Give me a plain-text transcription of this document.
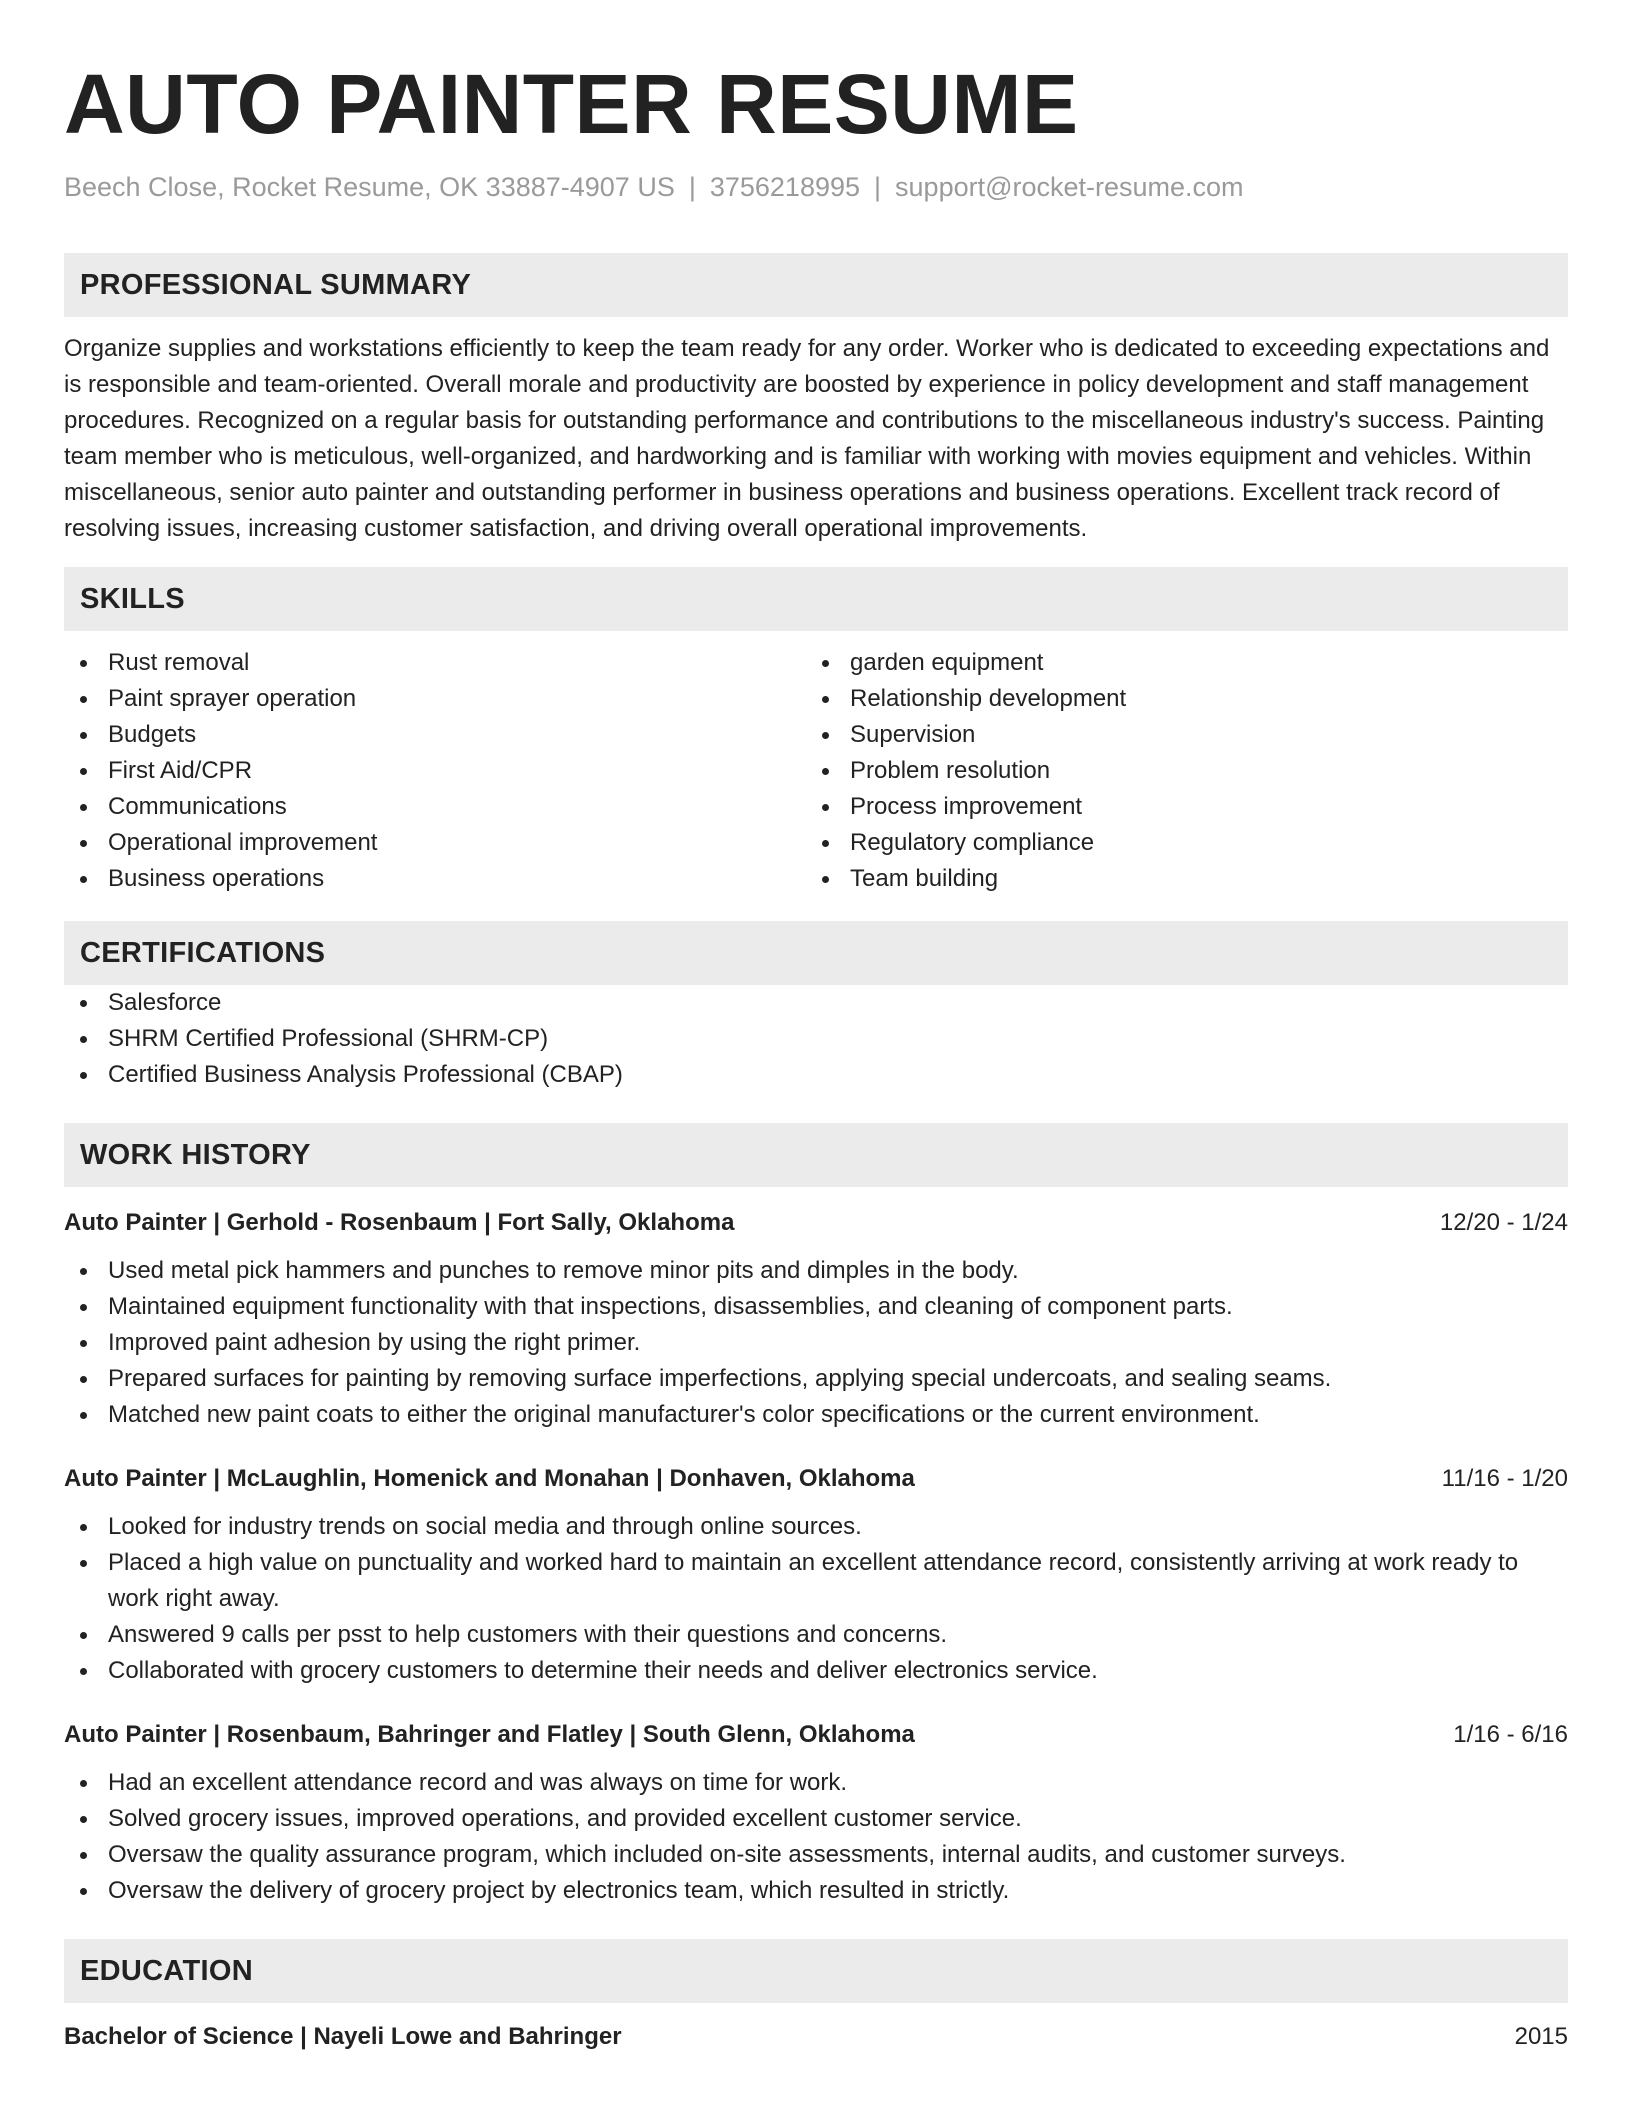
AUTO PAINTER RESUME
Beech Close, Rocket Resume, OK 33887-4907 US | 3756218995 | support@rocket-resume.com
PROFESSIONAL SUMMARY
Organize supplies and workstations efficiently to keep the team ready for any order. Worker who is dedicated to exceeding expectations and is responsible and team-oriented. Overall morale and productivity are boosted by experience in policy development and staff management procedures. Recognized on a regular basis for outstanding performance and contributions to the miscellaneous industry's success. Painting team member who is meticulous, well-organized, and hardworking and is familiar with working with movies equipment and vehicles. Within miscellaneous, senior auto painter and outstanding performer in business operations and business operations. Excellent track record of resolving issues, increasing customer satisfaction, and driving overall operational improvements.
SKILLS
Rust removal
Paint sprayer operation
Budgets
First Aid/CPR
Communications
Operational improvement
Business operations
garden equipment
Relationship development
Supervision
Problem resolution
Process improvement
Regulatory compliance
Team building
CERTIFICATIONS
Salesforce
SHRM Certified Professional (SHRM-CP)
Certified Business Analysis Professional (CBAP)
WORK HISTORY
Auto Painter | Gerhold - Rosenbaum | Fort Sally, Oklahoma	12/20 - 1/24
Used metal pick hammers and punches to remove minor pits and dimples in the body.
Maintained equipment functionality with that inspections, disassemblies, and cleaning of component parts.
Improved paint adhesion by using the right primer.
Prepared surfaces for painting by removing surface imperfections, applying special undercoats, and sealing seams.
Matched new paint coats to either the original manufacturer's color specifications or the current environment.
Auto Painter | McLaughlin, Homenick and Monahan | Donhaven, Oklahoma	11/16 - 1/20
Looked for industry trends on social media and through online sources.
Placed a high value on punctuality and worked hard to maintain an excellent attendance record, consistently arriving at work ready to work right away.
Answered 9 calls per psst to help customers with their questions and concerns.
Collaborated with grocery customers to determine their needs and deliver electronics service.
Auto Painter | Rosenbaum, Bahringer and Flatley | South Glenn, Oklahoma	1/16 - 6/16
Had an excellent attendance record and was always on time for work.
Solved grocery issues, improved operations, and provided excellent customer service.
Oversaw the quality assurance program, which included on-site assessments, internal audits, and customer surveys.
Oversaw the delivery of grocery project by electronics team, which resulted in strictly.
EDUCATION
Bachelor of Science | Nayeli Lowe and Bahringer	2015
